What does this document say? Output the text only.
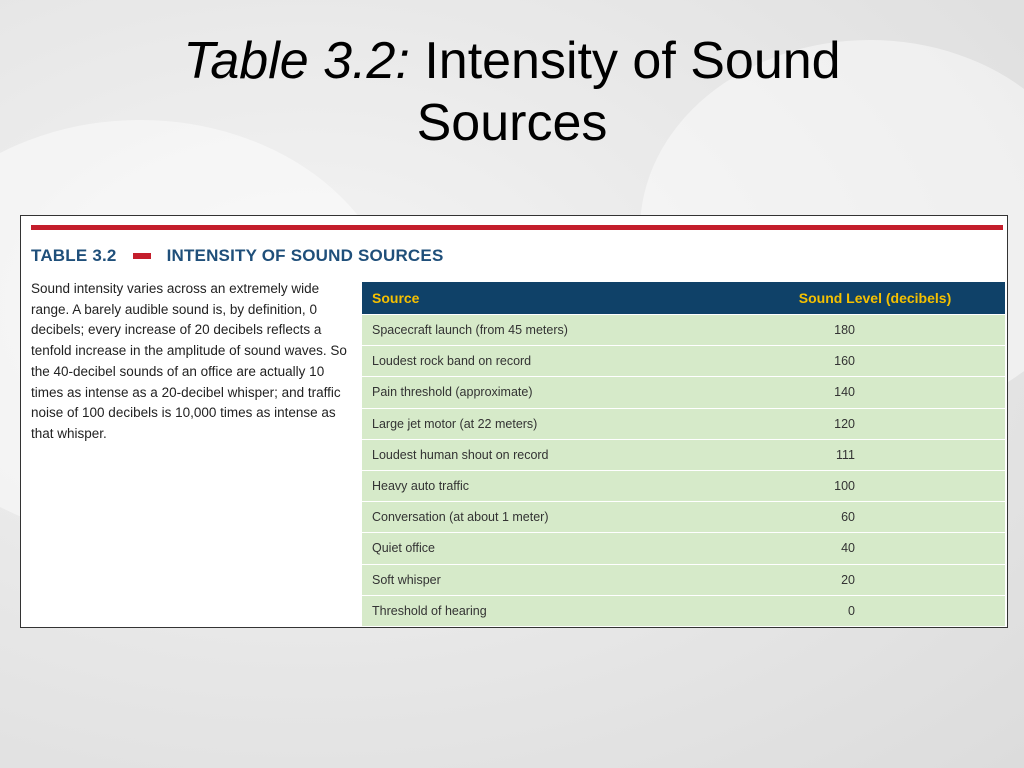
Table 3.2: Intensity of Sound
Sources
TABLE 3.2	INTENSITY OF SOUND SOURCES
Sound intensity varies across an extremely wide range. A barely audible sound is, by definition, 0 decibels; every increase of 20 decibels reflects a tenfold increase in the amplitude of sound waves. So the 40-decibel sounds of an office are actually 10 times as intense as a 20-decibel whisper; and traffic noise of 100 decibels is 10,000 times as intense as that whisper.
Source	Sound Level (decibels)
Spacecraft launch (from 45 meters)	180
Loudest rock band on record	160
Pain threshold (approximate)	140
Large jet motor (at 22 meters)	120
Loudest human shout on record	111
Heavy auto traffic	100
Conversation (at about 1 meter)	60
Quiet office	40
Soft whisper	20
Threshold of hearing	0
